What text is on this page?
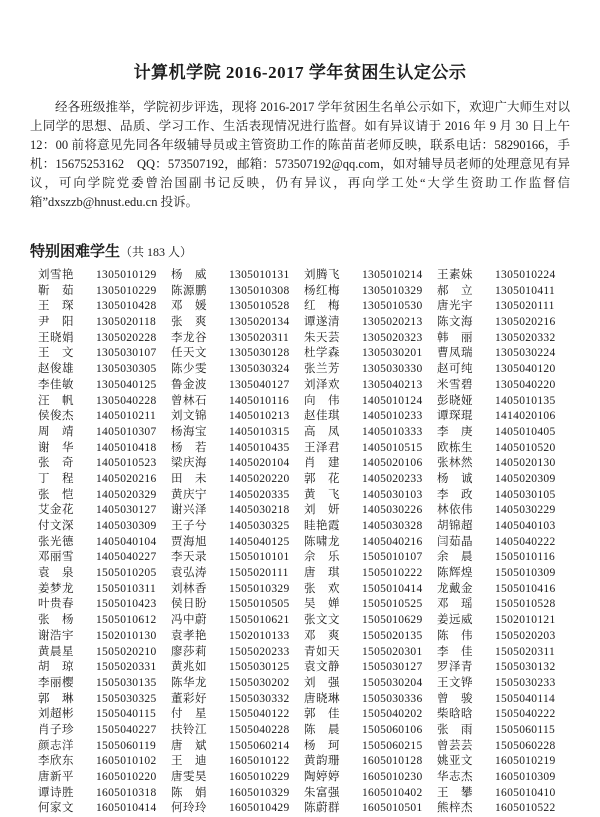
计算机学院 2016-2017 学年贫困生认定公示

经各班级推举，学院初步评选，现将 2016-2017 学年贫困生名单公示如下，欢迎广大师生对以上同学的思想、品质、学习工作、生活表现情况进行监督。如有异议请于 2016 年 9 月 30 日上午 12：00 前将意见先同各年级辅导员或主管资助工作的陈苗苗老师反映，联系电话：58290166，手机：15675253162　QQ：573507192，邮箱：573507192@qq.com，如对辅导员老师的处理意见有异议，可向学院党委曾治国副书记反映，仍有异议，再向学工处“大学生资助工作监督信箱”dxszzb@hnust.edu.cn 投诉。

特别困难学生（共 183 人）
刘雪艳	1305010129	杨　威	1305010131	刘腾飞	1305010214	王素妹	1305010224
靳　茹	1305010229	陈源鹏	1305010308	杨红梅	1305010329	郝　立	1305010411
王　琛	1305010428	邓　媛	1305010528	红　梅	1305010530	唐光宇	1305020111
尹　阳	1305020118	张　爽	1305020134	谭遂清	1305020213	陈文海	1305020216
王晓娟	1305020228	李龙谷	1305020311	朱天芸	1305020323	韩　丽	1305020332
王　文	1305030107	任天文	1305030128	杜学森	1305030201	曹凤瑞	1305030224
赵俊雄	1305030305	陈少雯	1305030324	张兰芳	1305030330	赵可纯	1305040120
李佳敏	1305040125	鲁金波	1305040127	刘泽欢	1305040213	米雪碧	1305040220
汪　帆	1305040228	曾林石	1405010116	向　伟	1405010124	彭晓娅	1405010135
侯俊杰	1405010211	刘文锦	1405010213	赵佳琪	1405010233	谭琛琨	1414020106
周　靖	1405010307	杨海宝	1405010315	高　凤	1405010333	李　庚	1405010405
谢　华	1405010418	杨　若	1405010435	王泽君	1405010515	欧栋生	1405010520
张　奇	1405010523	梁庆海	1405020104	肖　建	1405020106	张林然	1405020130
丁　程	1405020216	田　未	1405020220	郭　花	1405020233	杨　诚	1405020309
张　恺	1405020329	黄庆宁	1405020335	黄　飞	1405030103	李　政	1405030105
艾金花	1405030127	谢兴泽	1405030218	刘　妍	1405030226	林依伟	1405030229
付文深	1405030309	王子兮	1405030325	眭艳霞	1405030328	胡锦超	1405040103
张光德	1405040104	贾海旭	1405040125	陈啸龙	1405040216	闫茹晶	1405040222
邓丽雪	1405040227	李天录	1505010101	佘　乐	1505010107	余　晨	1505010116
袁　泉	1505010205	袁弘涛	1505020111	唐　琪	1505010222	陈辉煌	1505010309
姜梦龙	1505010311	刘林香	1505010329	张　欢	1505010414	龙戴金	1505010416
叶贵春	1505010423	侯日盼	1505010505	吴　婵	1505010525	邓　瑶	1505010528
张　杨	1505010612	冯中蔚	1505010621	张文文	1505010629	姜远威	1502010121
谢浩宇	1502010130	袁孝艳	1502010133	邓　爽	1505020135	陈　伟	1505020203
黄晨星	1505020210	廖莎莉	1505020233	青如天	1505020301	李　佳	1505020311
胡　琼	1505020331	黄兆如	1505030125	袁文静	1505030127	罗泽青	1505030132
李丽樱	1505030135	陈华龙	1505030202	刘　强	1505030204	王文铧	1505030233
郭　琳	1505030325	董彩好	1505030332	唐晓琳	1505030336	曾　骏	1505040114
刘超彬	1505040115	付　星	1505040122	郭　佳	1505040202	柴晗晗	1505040222
肖子珍	1505040227	扶铃江	1505040228	陈　晨	1505060106	张　雨	1505060115
颜志洋	1505060119	唐　斌	1505060214	杨　珂	1505060215	曾芸芸	1505060228
李欣东	1605010102	王　迪	1605010122	黄韵珊	1605010128	姚亚文	1605010219
唐新平	1605010220	唐雯昊	1605010229	陶婷婷	1605010230	华志杰	1605010309
谭诗胜	1605010318	陈　娟	1605010329	朱富强	1605010402	王　攀	1605010410
何家文	1605010414	何玲玲	1605010429	陈蔚群	1605010501	熊梓杰	1605010522
